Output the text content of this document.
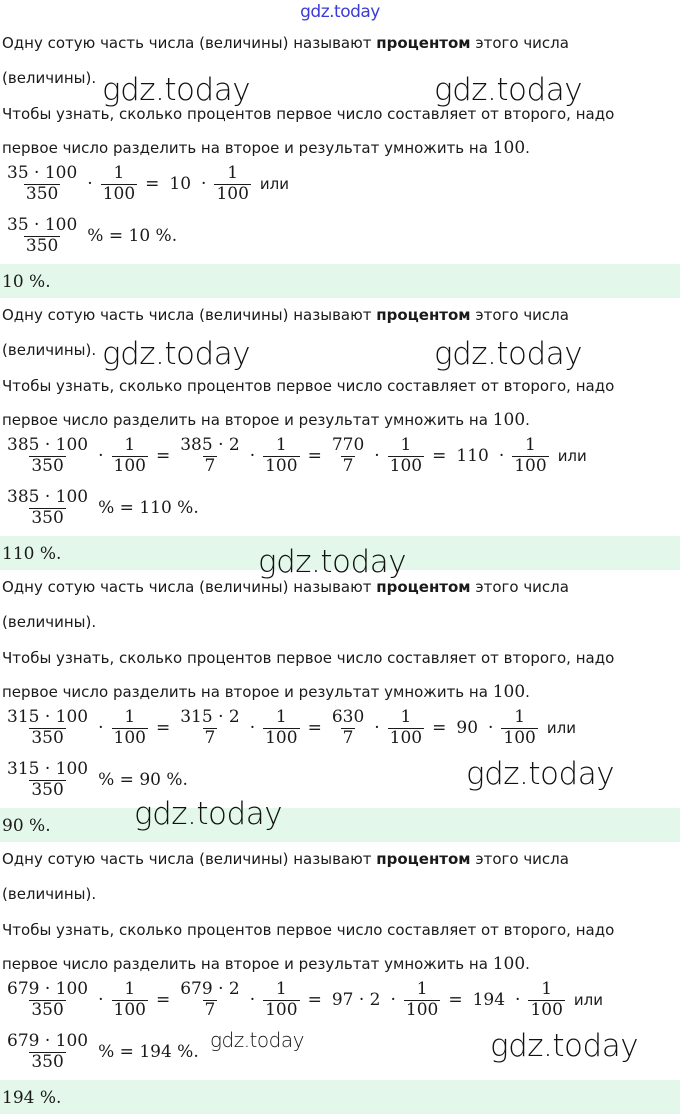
gdz.today
Одну сотую часть числа (величины) называют процентом этого числа
(величины).
Чтобы узнать, сколько процентов первое число составляет от второго, надо
первое число разделить на второе и результат умножить на 100.
$\frac{35 \cdot 100}{350} \cdot \frac{1}{100} = 10 \cdot \frac{1}{100}$ или
$\frac{35 \cdot 100}{350}$ % = 10 %.
10 %.
Одну сотую часть числа (величины) называют процентом этого числа
(величины).
Чтобы узнать, сколько процентов первое число составляет от второго, надо
первое число разделить на второе и результат умножить на 100.
$\frac{385 \cdot 100}{350} \cdot \frac{1}{100} = \frac{385 \cdot 2}{7} \cdot \frac{1}{100} = \frac{770}{7} \cdot \frac{1}{100} = 110 \cdot \frac{1}{100}$ или
$\frac{385 \cdot 100}{350}$ % = 110 %.
110 %.
Одну сотую часть числа (величины) называют процентом этого числа
(величины).
Чтобы узнать, сколько процентов первое число составляет от второго, надо
первое число разделить на второе и результат умножить на 100.
$\frac{315 \cdot 100}{350} \cdot \frac{1}{100} = \frac{315 \cdot 2}{7} \cdot \frac{1}{100} = \frac{630}{7} \cdot \frac{1}{100} = 90 \cdot \frac{1}{100}$ или
$\frac{315 \cdot 100}{350}$ % = 90 %.
90 %.
Одну сотую часть числа (величины) называют процентом этого числа
(величины).
Чтобы узнать, сколько процентов первое число составляет от второго, надо
первое число разделить на второе и результат умножить на 100.
$\frac{679 \cdot 100}{350} \cdot \frac{1}{100} = \frac{679 \cdot 2}{7} \cdot \frac{1}{100} = 97 \cdot 2 \cdot \frac{1}{100} = 194 \cdot \frac{1}{100}$ или
$\frac{679 \cdot 100}{350}$ % = 194 %.
194 %.
gdz.today	gdz.today
gdz.today	gdz.today
gdz.today
gdz.today
gdz.today
gdz.today	gdz.today
